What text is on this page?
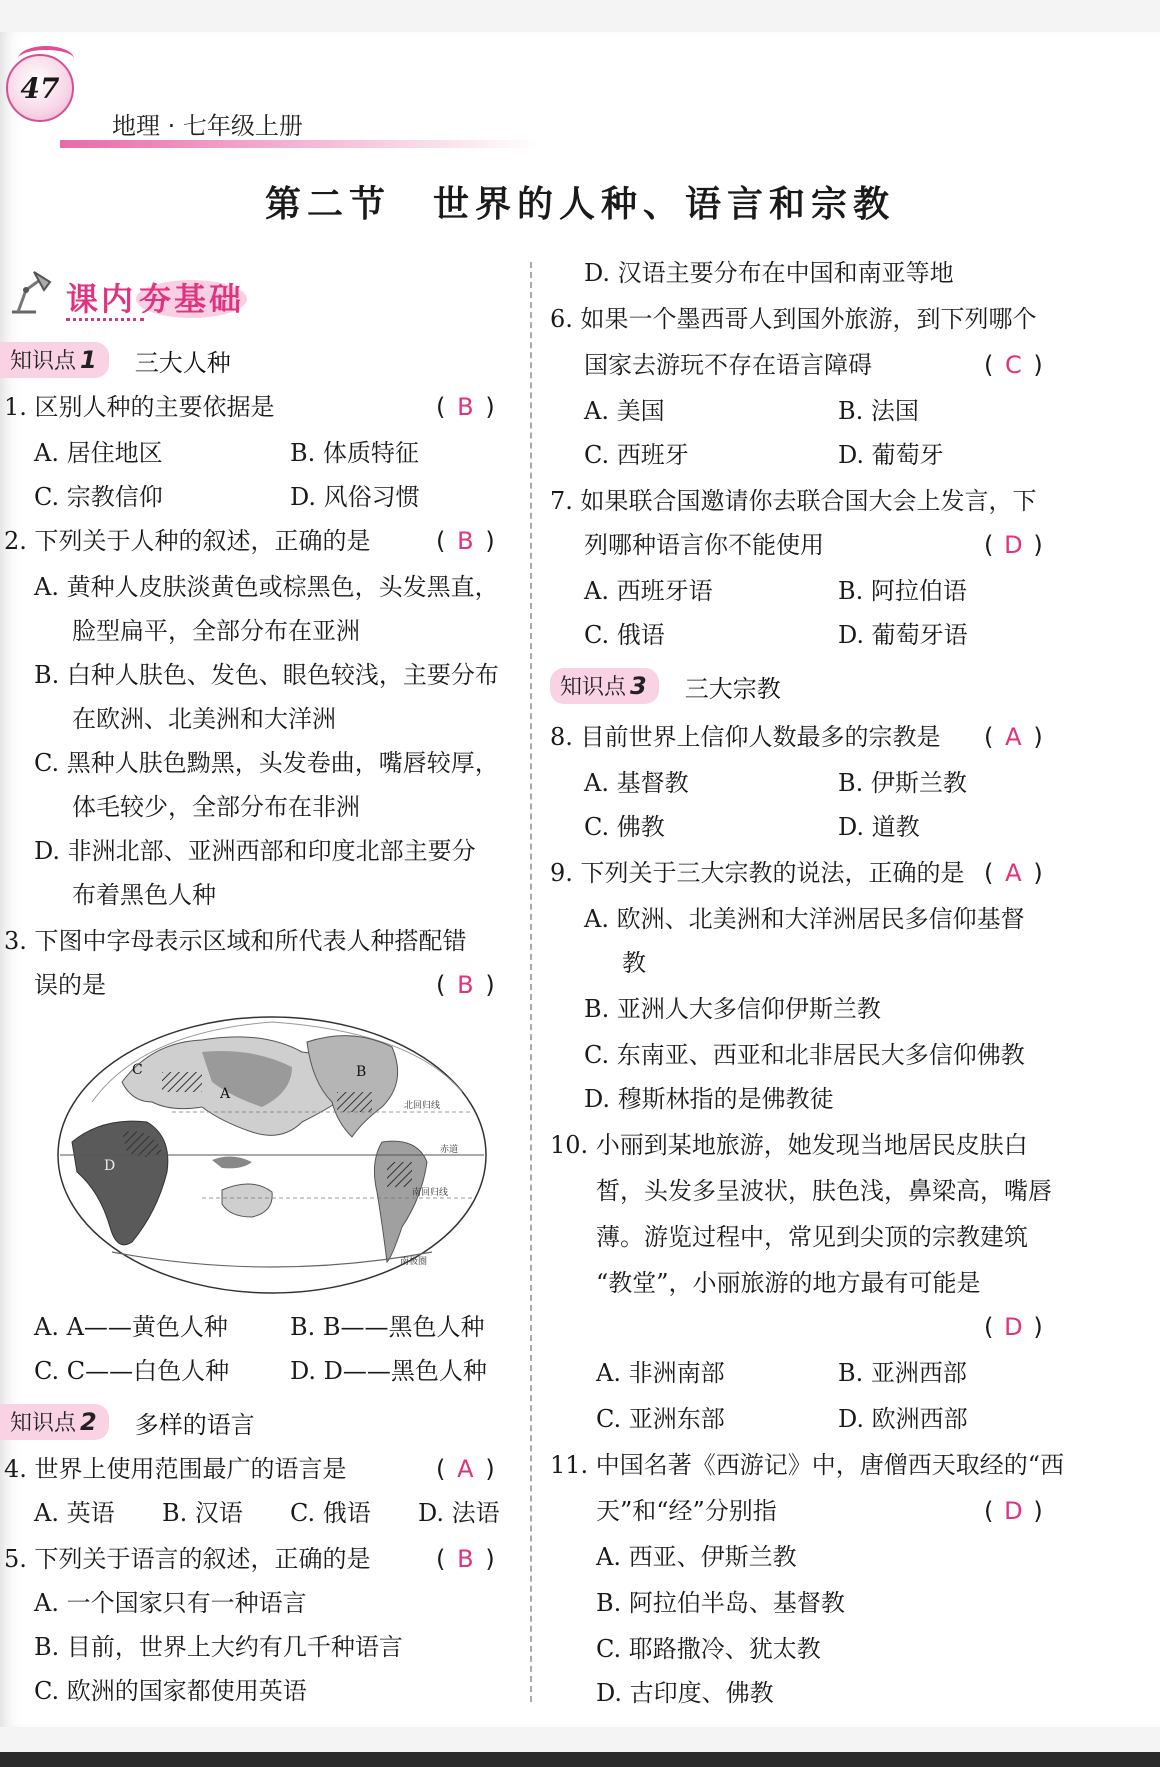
47
地理 · 七年级上册
第二节　世界的人种、语言和宗教
课内夯基础
知识点 1	三大人种
1. 区别人种的主要依据是	( B )
A. 居住地区	B. 体质特征
C. 宗教信仰	D. 风俗习惯
2. 下列关于人种的叙述，正确的是	( B )
A. 黄种人皮肤淡黄色或棕黑色，头发黑直，
脸型扁平，全部分布在亚洲
B. 白种人肤色、发色、眼色较浅，主要分布
在欧洲、北美洲和大洋洲
C. 黑种人肤色黝黑，头发卷曲，嘴唇较厚，
体毛较少，全部分布在非洲
D. 非洲北部、亚洲西部和印度北部主要分
布着黑色人种
3. 下图中字母表示区域和所代表人种搭配错
误的是	( B )
C
A
B
D
北回归线
赤道
南回归线
南极圈
A. A——黄色人种	B. B——黑色人种
C. C——白色人种	D. D——黑色人种
知识点 2	多样的语言
4. 世界上使用范围最广的语言是	( A )
A. 英语 B. 汉语 C. 俄语 D. 法语
5. 下列关于语言的叙述，正确的是	( B )
A. 一个国家只有一种语言
B. 目前，世界上大约有几千种语言
C. 欧洲的国家都使用英语
D. 汉语主要分布在中国和南亚等地
6. 如果一个墨西哥人到国外旅游，到下列哪个
国家去游玩不存在语言障碍	( C )
A. 美国	B. 法国
C. 西班牙	D. 葡萄牙
7. 如果联合国邀请你去联合国大会上发言，下
列哪种语言你不能使用	( D )
A. 西班牙语	B. 阿拉伯语
C. 俄语	D. 葡萄牙语
知识点 3	三大宗教
8. 目前世界上信仰人数最多的宗教是 ( A )
A. 基督教	B. 伊斯兰教
C. 佛教	D. 道教
9. 下列关于三大宗教的说法，正确的是 ( A )
A. 欧洲、北美洲和大洋洲居民多信仰基督
教
B. 亚洲人大多信仰伊斯兰教
C. 东南亚、西亚和北非居民大多信仰佛教
D. 穆斯林指的是佛教徒
10. 小丽到某地旅游，她发现当地居民皮肤白
皙，头发多呈波状，肤色浅，鼻梁高，嘴唇
薄。游览过程中，常见到尖顶的宗教建筑
“教堂”，小丽旅游的地方最有可能是
( D )
A. 非洲南部	B. 亚洲西部
C. 亚洲东部	D. 欧洲西部
11. 中国名著《西游记》中，唐僧西天取经的“西
天”和“经”分别指	( D )
A. 西亚、伊斯兰教
B. 阿拉伯半岛、基督教
C. 耶路撒冷、犹太教
D. 古印度、佛教
